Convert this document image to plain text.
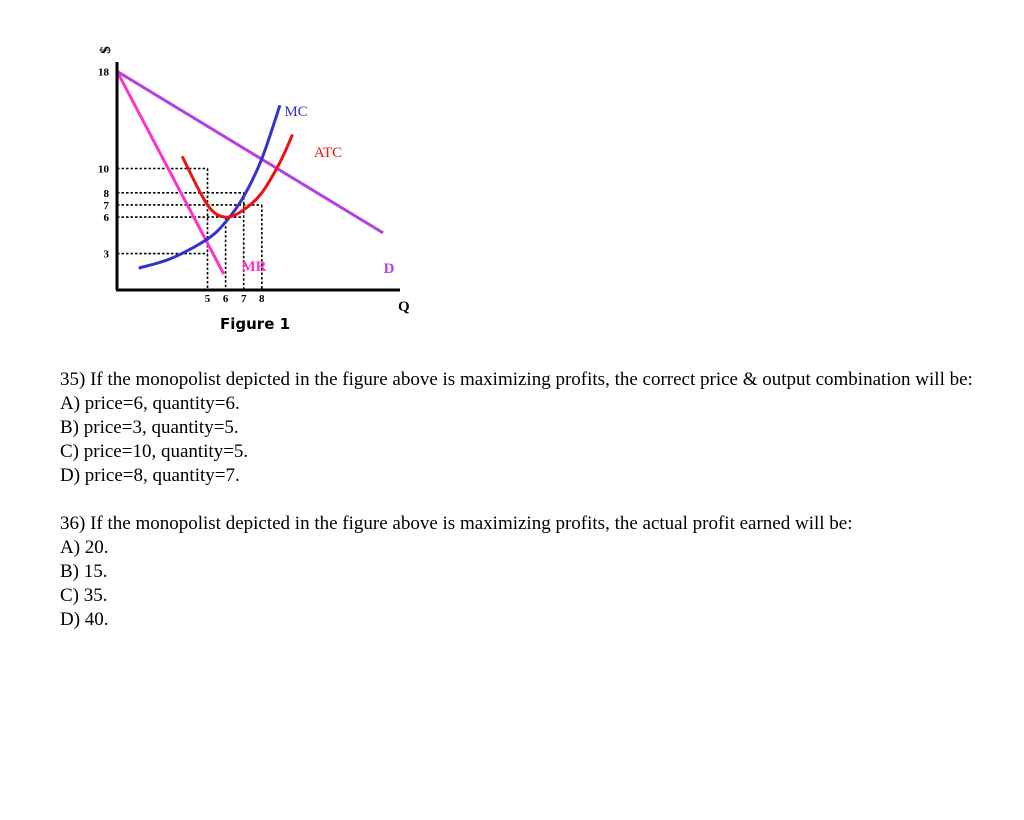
$
Q
18
10
8
7
6
3
5 6 7 8
D
MR
MC
ATC
Figure 1

35) If the monopolist depicted in the figure above is maximizing profits, the correct price & output combination will be:

A) price=6, quantity=6.

B) price=3, quantity=5.

C) price=10, quantity=5.

D) price=8, quantity=7.

36) If the monopolist depicted in the figure above is maximizing profits, the actual profit earned will be:

A) 20.

B) 15.

C) 35.

D) 40.
